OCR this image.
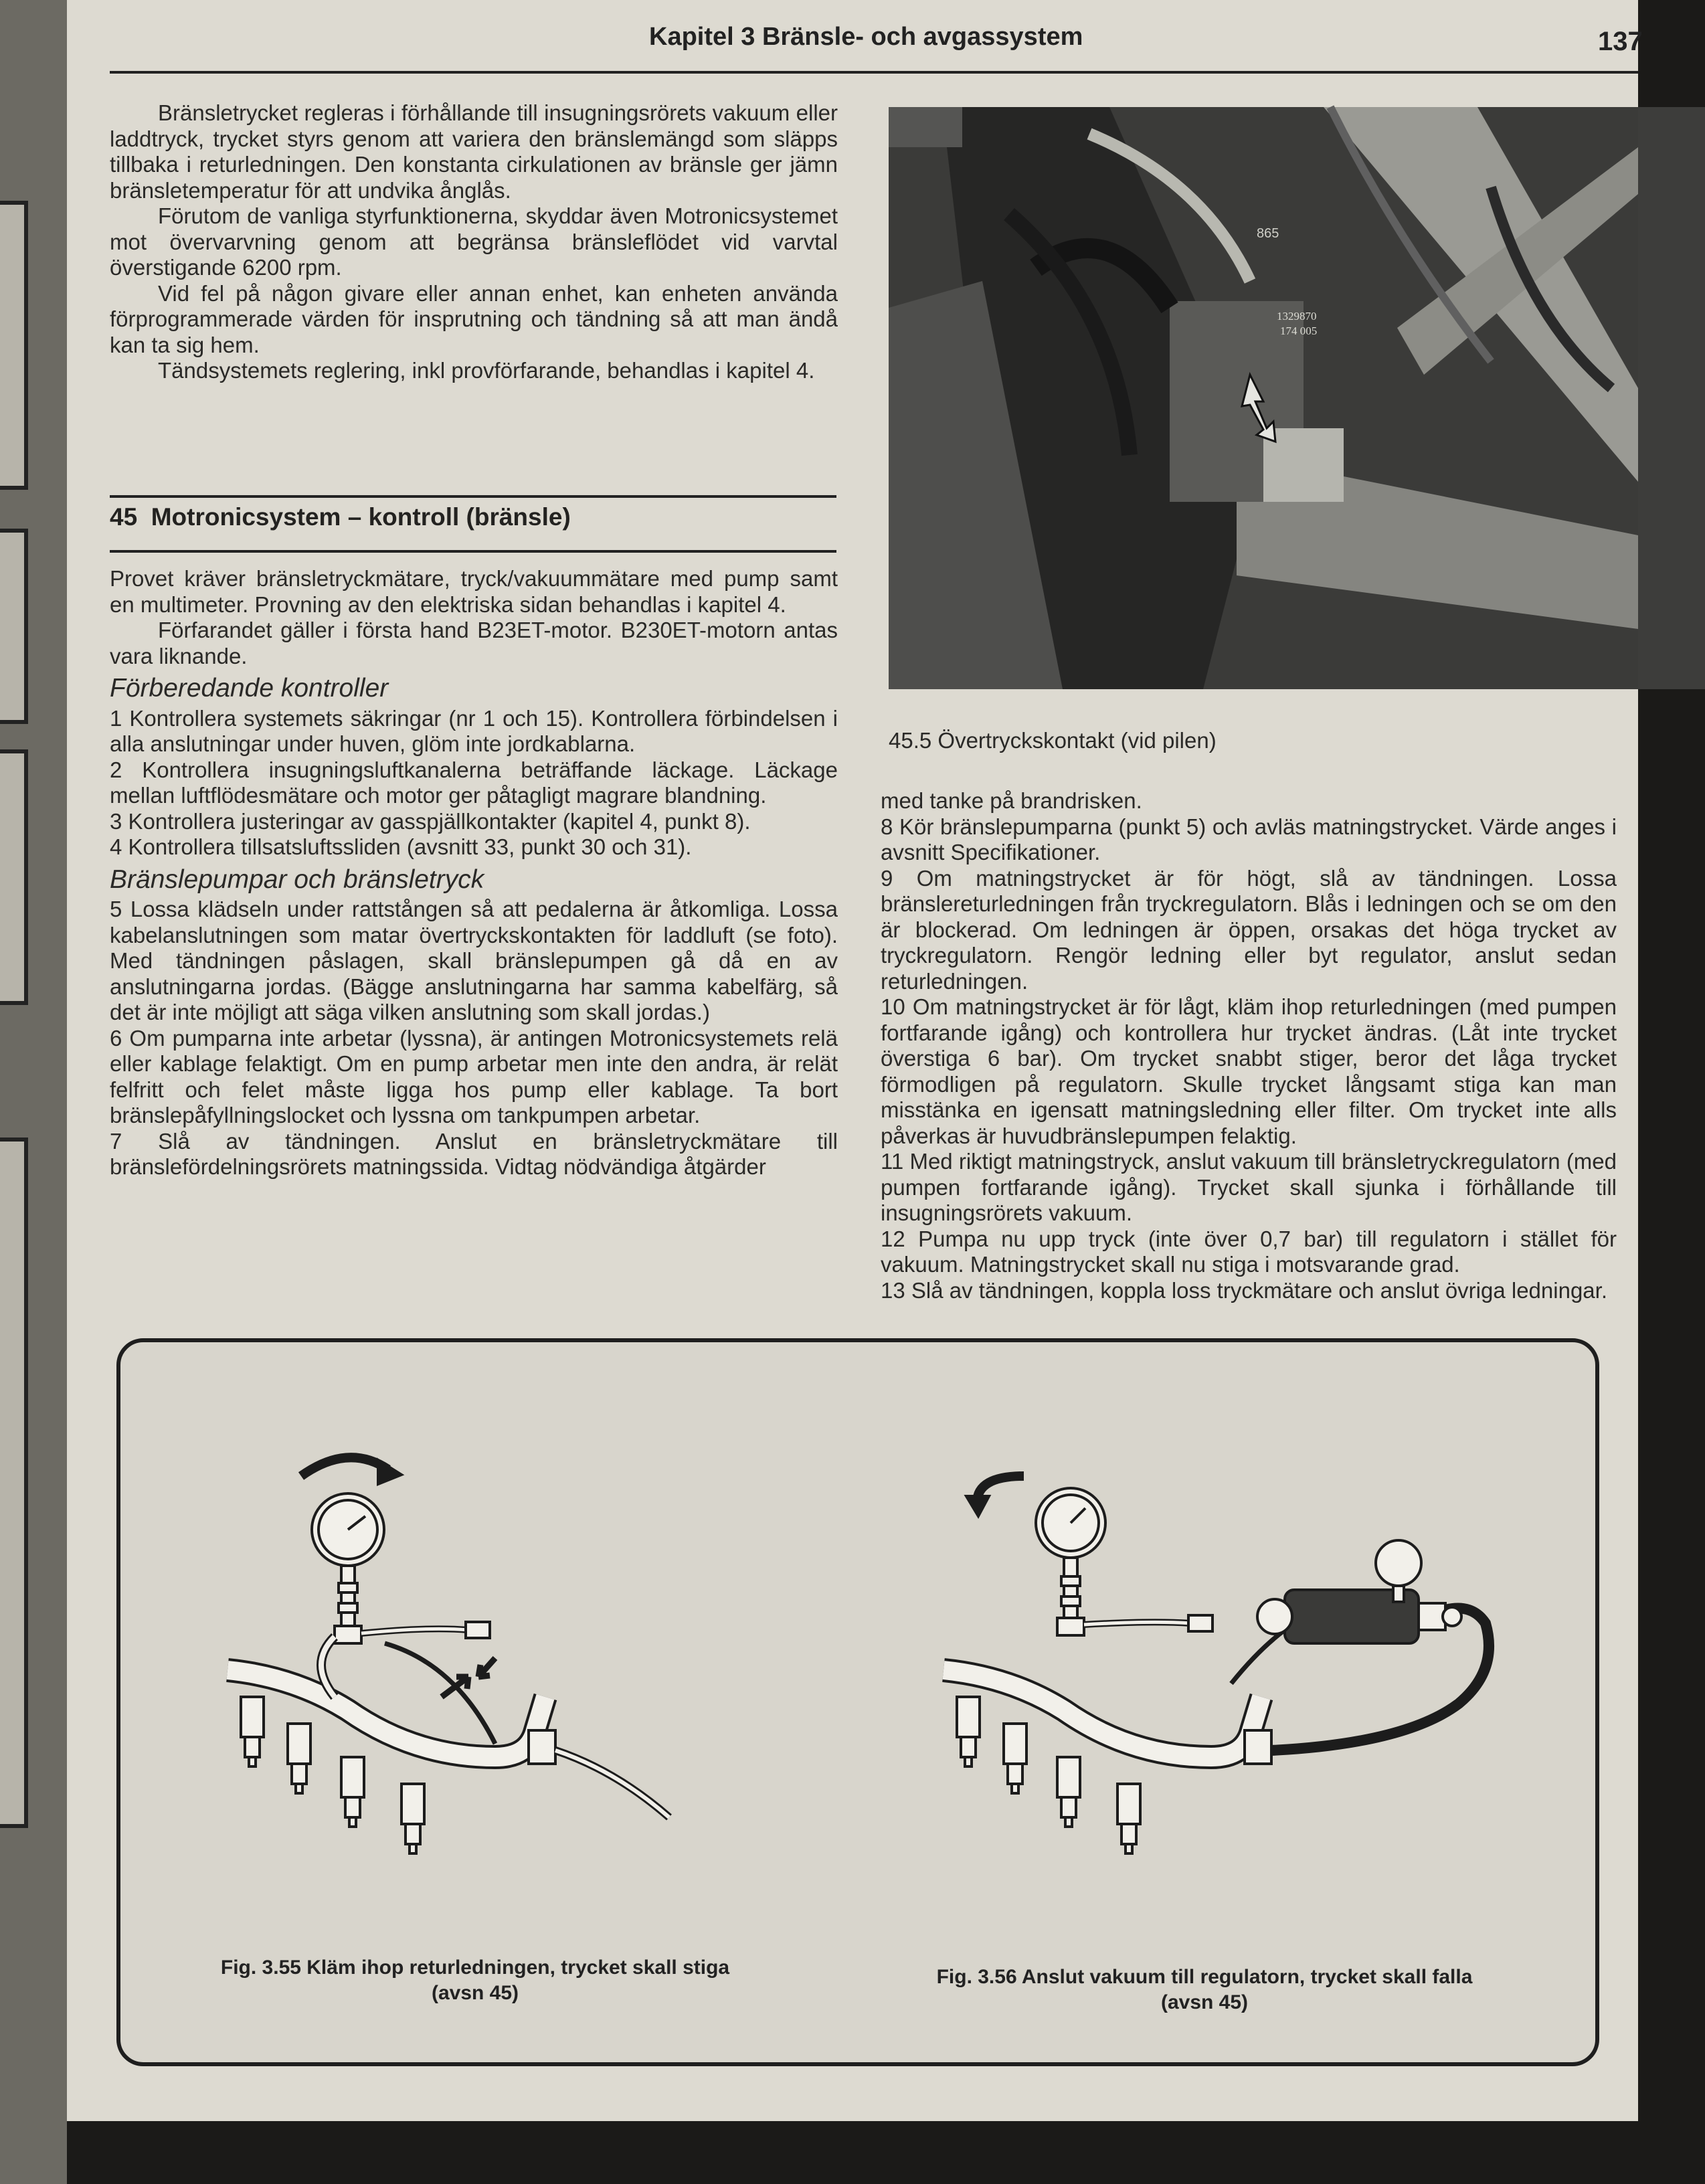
Kapitel 3 Bränsle- och avgassystem	137

Bränsletrycket regleras i förhållande till insugningsrörets vakuum eller laddtryck, trycket styrs genom att variera den bränslemängd som släpps tillbaka i returledningen. Den konstanta cirkulationen av bränsle ger jämn bränsletemperatur för att undvika ånglås.

Förutom de vanliga styrfunktionerna, skyddar även Motronicsystemet mot övervarvning genom att begränsa bränsleflödet vid varvtal överstigande 6200 rpm.

Vid fel på någon givare eller annan enhet, kan enheten använda förprogrammerade värden för insprutning och tändning så att man ändå kan ta sig hem.

Tändsystemets reglering, inkl provförfarande, behandlas i kapitel 4.

45 Motronicsystem – kontroll (bränsle)

Provet kräver bränsletryckmätare, tryck/vakuummätare med pump samt en multimeter. Provning av den elektriska sidan behandlas i kapitel 4.

Förfarandet gäller i första hand B23ET-motor. B230ET-motorn antas vara liknande.

Förberedande kontroller

1 Kontrollera systemets säkringar (nr 1 och 15). Kontrollera förbindelsen i alla anslutningar under huven, glöm inte jordkablarna.

2 Kontrollera insugningsluftkanalerna beträffande läckage. Läckage mellan luftflödesmätare och motor ger påtagligt magrare blandning.

3 Kontrollera justeringar av gasspjällkontakter (kapitel 4, punkt 8).

4 Kontrollera tillsatsluftssliden (avsnitt 33, punkt 30 och 31).

Bränslepumpar och bränsletryck

5 Lossa klädseln under rattstången så att pedalerna är åtkomliga. Lossa kabelanslutningen som matar övertryckskontakten för laddluft (se foto). Med tändningen påslagen, skall bränslepumpen gå då en av anslutningarna jordas. (Bägge anslutningarna har samma kabelfärg, så det är inte möjligt att säga vilken anslutning som skall jordas.)

6 Om pumparna inte arbetar (lyssna), är antingen Motronicsystemets relä eller kablage felaktigt. Om en pump arbetar men inte den andra, är relät felfritt och felet måste ligga hos pump eller kablage. Ta bort bränslepåfyllningslocket och lyssna om tankpumpen arbetar.

7 Slå av tändningen. Anslut en bränsletryckmätare till bränslefördelningsrörets matningssida. Vidtag nödvändiga åtgärder

865
1329870
174 005
45.5 Övertryckskontakt (vid pilen)

med tanke på brandrisken.

8 Kör bränslepumparna (punkt 5) och avläs matningstrycket. Värde anges i avsnitt Specifikationer.

9 Om matningstrycket är för högt, slå av tändningen. Lossa bränslereturledningen från tryckregulatorn. Blås i ledningen och se om den är blockerad. Om ledningen är öppen, orsakas det höga trycket av tryckregulatorn. Rengör ledning eller byt regulator, anslut sedan returledningen.

10 Om matningstrycket är för lågt, kläm ihop returledningen (med pumpen fortfarande igång) och kontrollera hur trycket ändras. (Låt inte trycket överstiga 6 bar). Om trycket snabbt stiger, beror det låga trycket förmodligen på regulatorn. Skulle trycket långsamt stiga kan man misstänka en igensatt matningsledning eller filter. Om trycket inte alls påverkas är huvudbränslepumpen felaktig.

11 Med riktigt matningstryck, anslut vakuum till bränsletryckregulatorn (med pumpen fortfarande igång). Trycket skall sjunka i förhållande till insugningsrörets vakuum.

12 Pumpa nu upp tryck (inte över 0,7 bar) till regulatorn i stället för vakuum. Matningstrycket skall nu stiga i motsvarande grad.

13 Slå av tändningen, koppla loss tryckmätare och anslut övriga ledningar.

Fig. 3.55 Kläm ihop returledningen, trycket skall stiga
(avsn 45)
Fig. 3.56 Anslut vakuum till regulatorn, trycket skall falla
(avsn 45)
